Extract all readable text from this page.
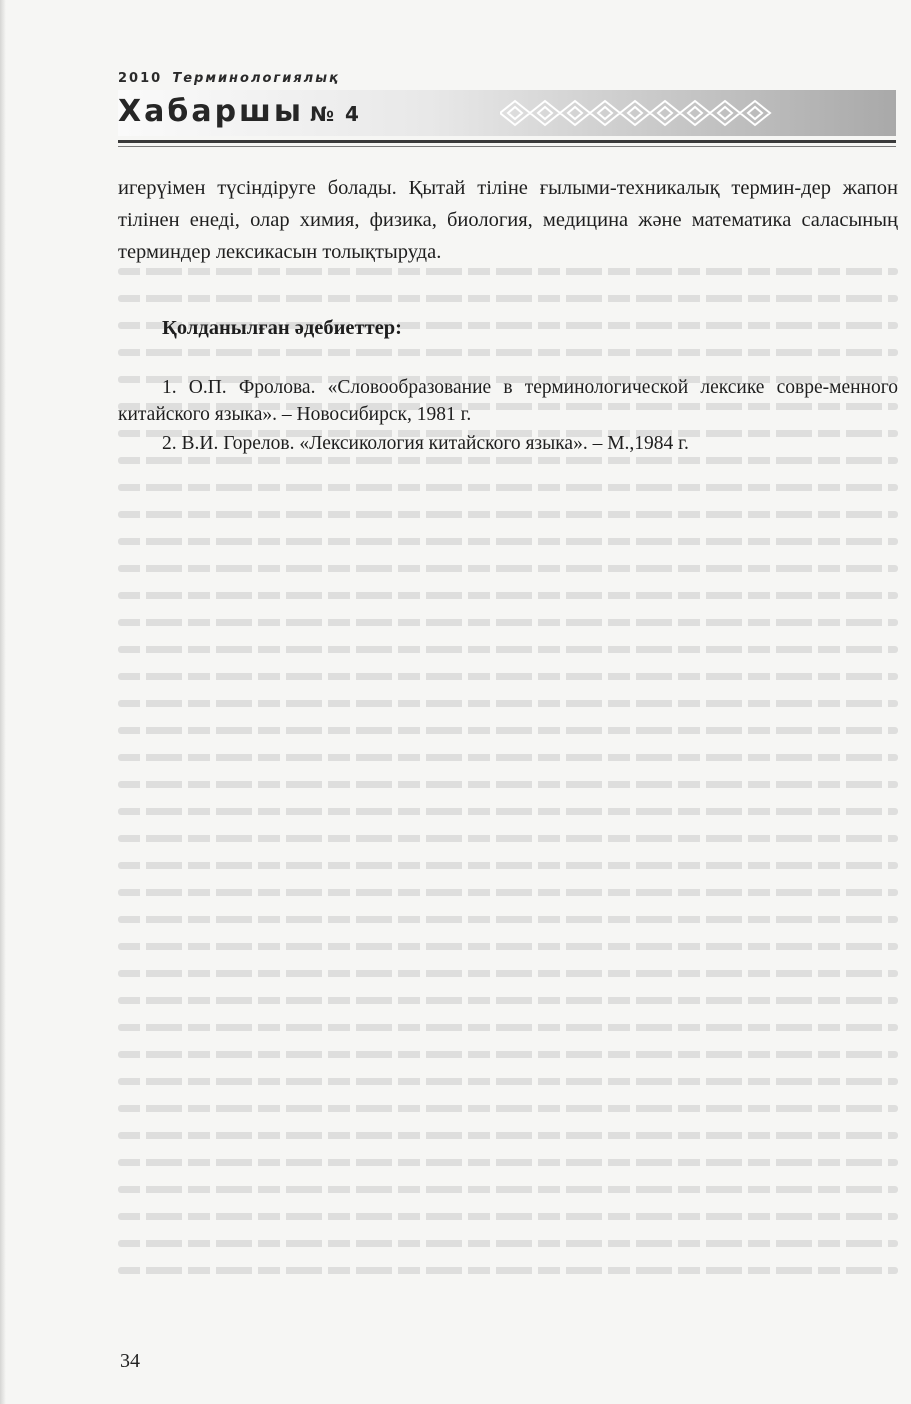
2010 Терминологиялық
Хабаршы № 4

игерүімен түсіндіруге болады. Қытай тіліне ғылыми-техникалық термин-дер жапон тілінен енеді, олар химия, физика, биология, медицина және математика саласының терминдер лексикасын толықтыруда.

Қолданылған әдебиеттер:

1. О.П. Фролова. «Словообразование в терминологической лексике совре-менного китайского языка». – Новосибирск, 1981 г.

2. В.И. Горелов. «Лексикология китайского языка». – М.,1984 г.

34
